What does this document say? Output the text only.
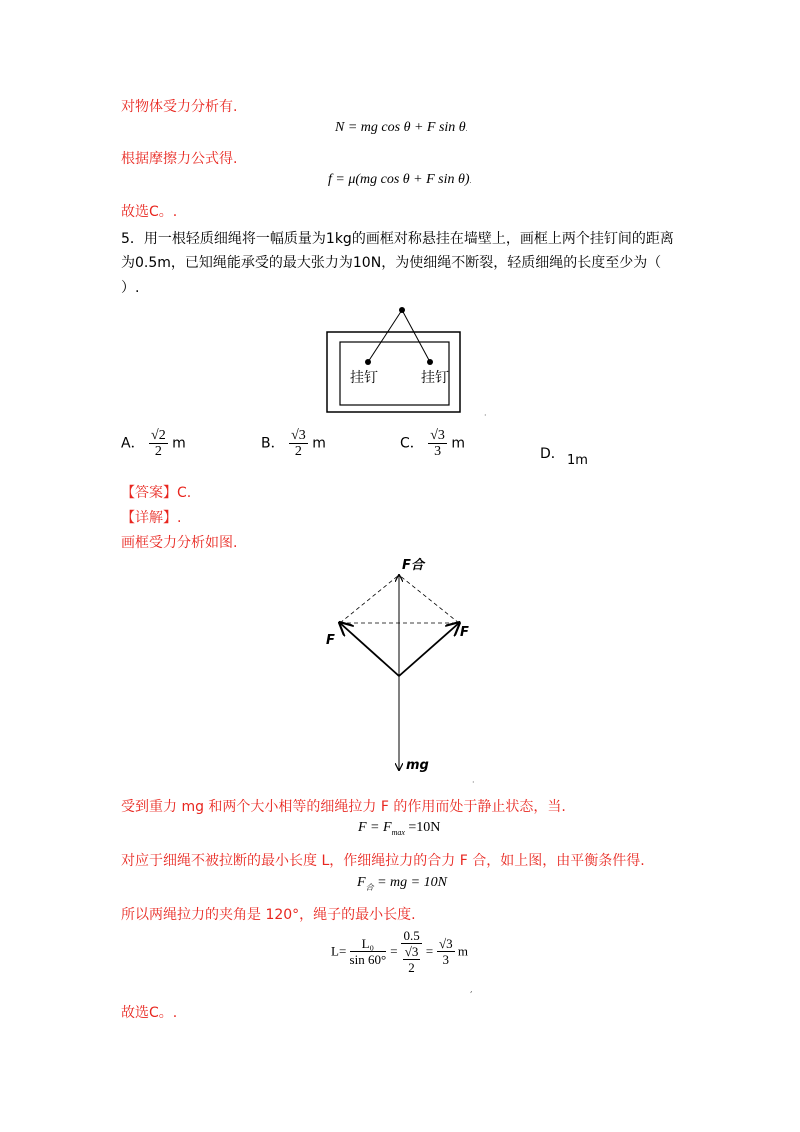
对物体受力分析有.
N = mg cos θ + F sin θ.
根据摩擦力公式得.
f = μ(mg cos θ + F sin θ).
故选C。.
5．用一根轻质细绳将一幅质量为1kg的画框对称悬挂在墙壁上，画框上两个挂钉间的距离
为0.5m，已知绳能承受的最大张力为10N，为使细绳不断裂，轻质细绳的长度至少为（
）.
挂钉	挂钉
·
A． $\frac{√2}{2}$ m	B． $\frac{√3}{2}$ m	C． $\frac{√3}{3}$ m
D． 1m
【答案】C.
【详解】.
画框受力分析如图.
F合
F
F
mg
·
受到重力 mg 和两个大小相等的细绳拉力 F 的作用而处于静止状态，当.
$F = F_{max} =10N$
对应于细绳不被拉断的最小长度 L，作细绳拉力的合力 F 合，如上图，由平衡条件得.
$F_合$ = mg = 10N
所以两绳拉力的夹角是 120°，绳子的最小长度.
$L= \frac{\text{L₀}}{\sin 60^\circ} = \frac{0.5}{\frac{√3}{2}} = \frac{√3}{3}$ m
,
故选C。.
